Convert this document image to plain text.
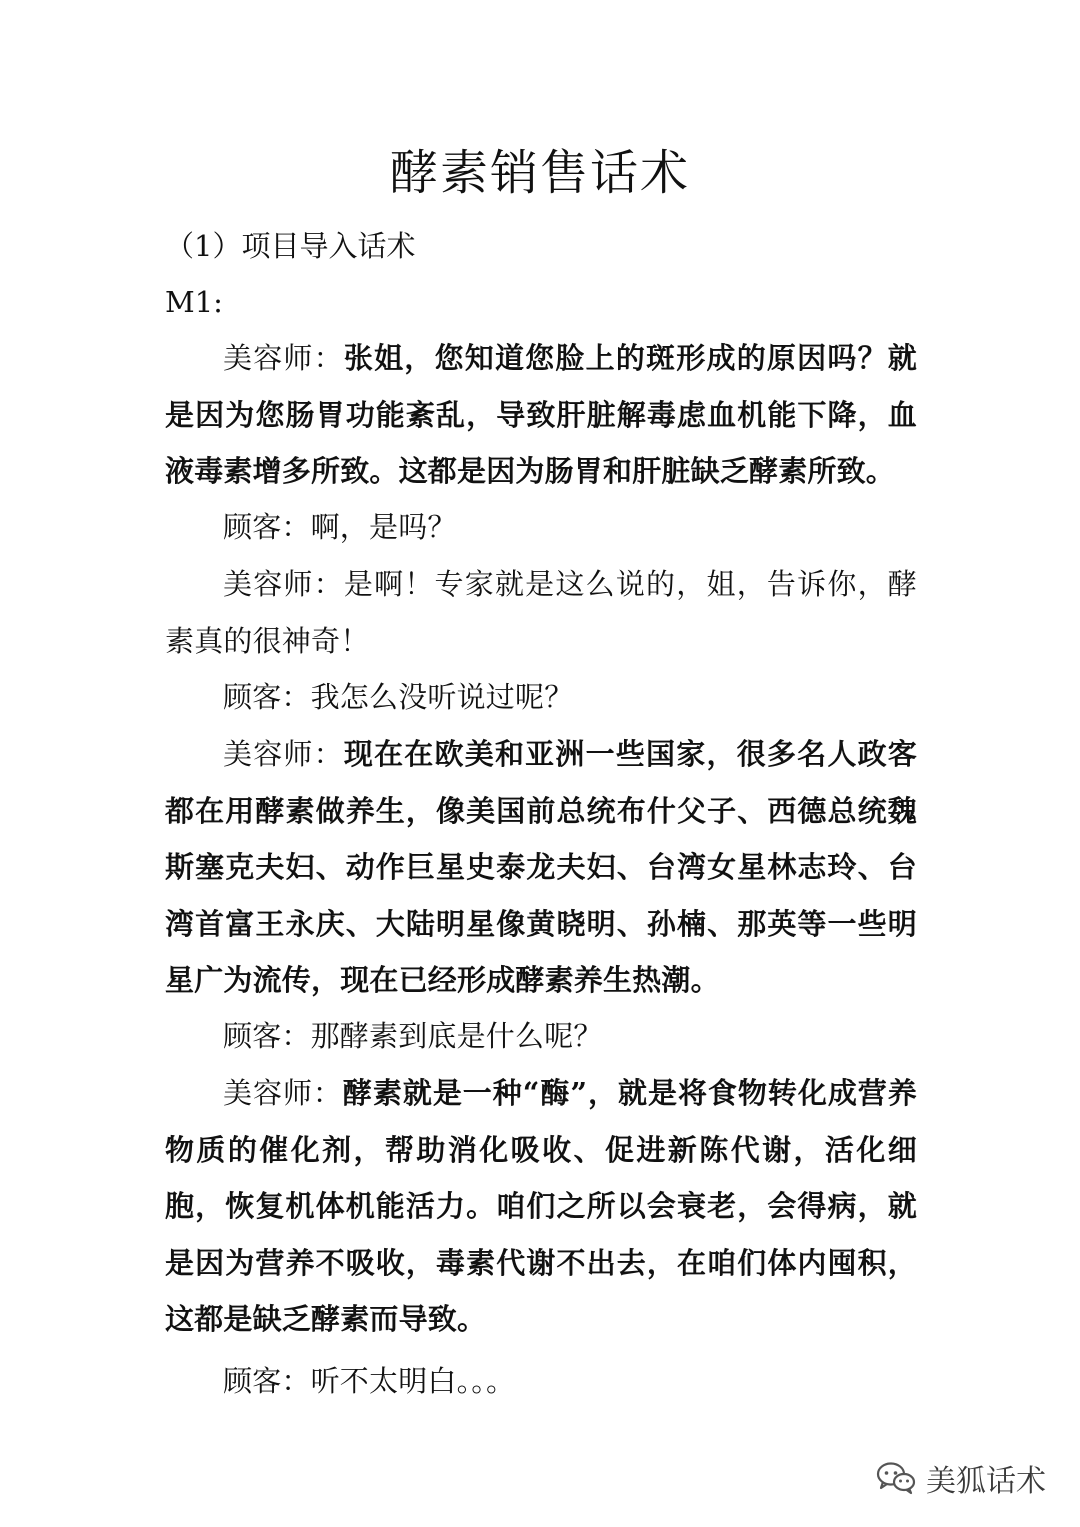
酵素销售话术
（1）项目导入话术
M1:

美容师：张姐，您知道您脸上的斑形成的原因吗？就是因为您肠胃功能紊乱，导致肝脏解毒虑血机能下降，血液毒素增多所致。这都是因为肠胃和肝脏缺乏酵素所致。

顾客：啊，是吗？

美容师：是啊！专家就是这么说的，姐，告诉你，酵素真的很神奇！

顾客：我怎么没听说过呢？

美容师：现在在欧美和亚洲一些国家，很多名人政客都在用酵素做养生，像美国前总统布什父子、西德总统魏斯塞克夫妇、动作巨星史泰龙夫妇、台湾女星林志玲、台湾首富王永庆、大陆明星像黄晓明、孙楠、那英等一些明星广为流传，现在已经形成酵素养生热潮。

顾客：那酵素到底是什么呢？

美容师：酵素就是一种“酶”，就是将食物转化成营养物质的催化剂，帮助消化吸收、促进新陈代谢，活化细胞，恢复机体机能活力。咱们之所以会衰老，会得病，就是因为营养不吸收，毒素代谢不出去，在咱们体内囤积，这都是缺乏酵素而导致。

顾客：听不太明白。。。

美狐话术
